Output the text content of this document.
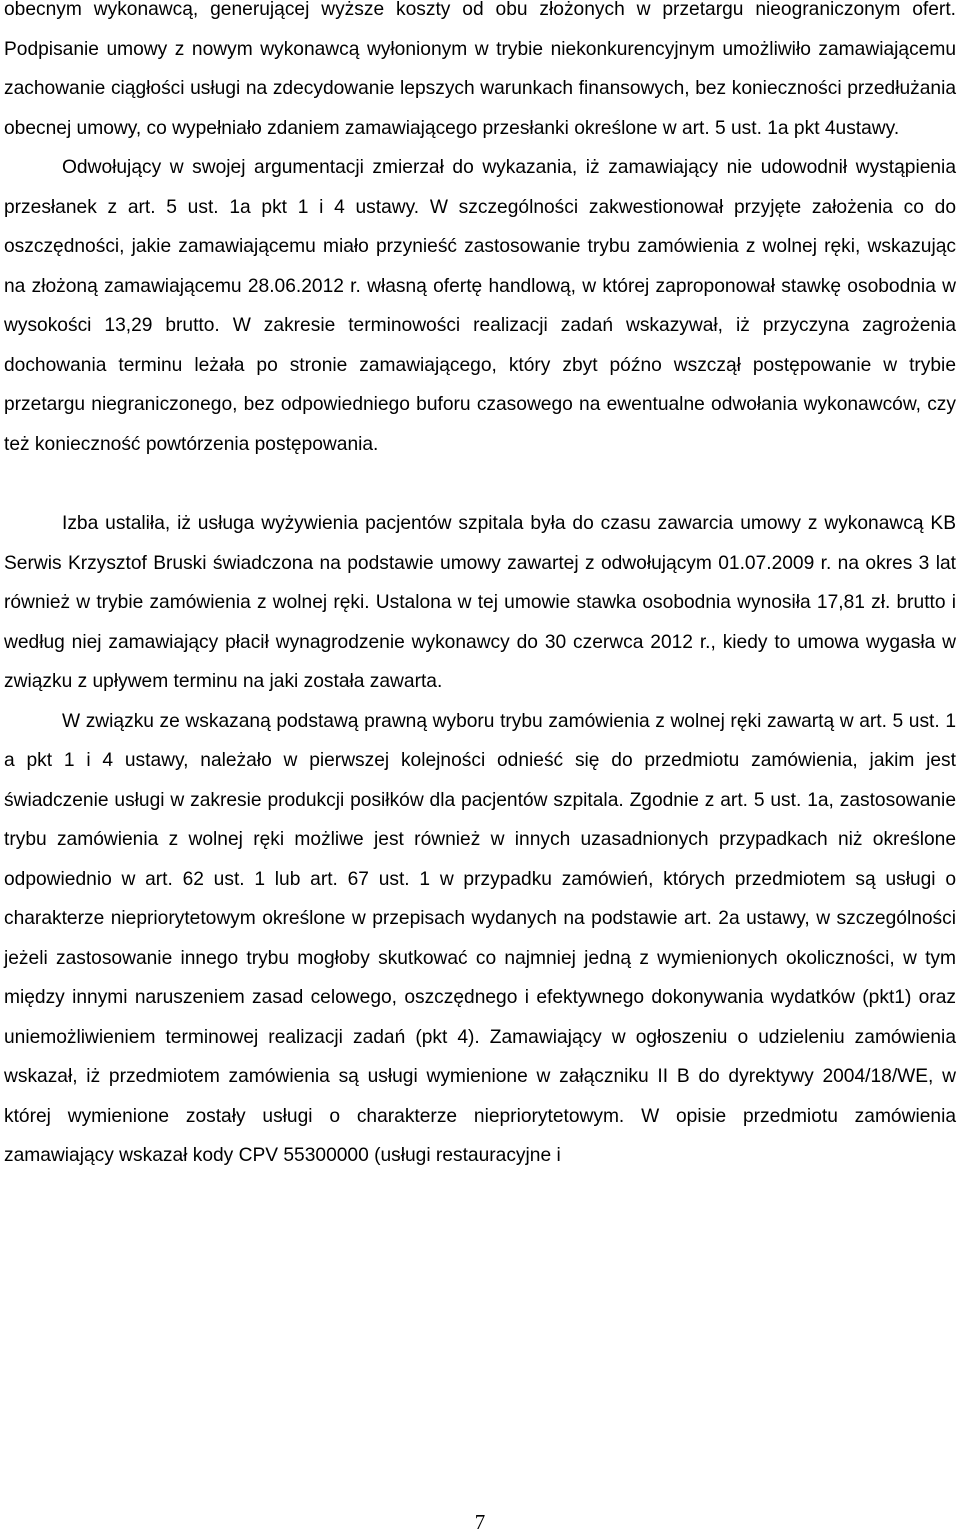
obecnym wykonawcą, generującej wyższe koszty od obu złożonych w przetargu nieograniczonym ofert. Podpisanie umowy z nowym wykonawcą wyłonionym w trybie niekonkurencyjnym umożliwiło zamawiającemu zachowanie ciągłości usługi na zdecydowanie lepszych warunkach finansowych, bez konieczności przedłużania obecnej umowy, co wypełniało zdaniem zamawiającego przesłanki określone w art. 5 ust. 1a pkt 4ustawy.

Odwołujący w swojej argumentacji zmierzał do wykazania, iż zamawiający nie udowodnił wystąpienia przesłanek z art. 5 ust. 1a pkt 1 i 4 ustawy. W szczególności zakwestionował przyjęte założenia co do oszczędności, jakie zamawiającemu miało przynieść zastosowanie trybu zamówienia z wolnej ręki, wskazując na złożoną zamawiającemu 28.06.2012 r. własną ofertę handlową, w której zaproponował stawkę osobodnia w wysokości 13,29 brutto. W zakresie terminowości realizacji zadań wskazywał, iż przyczyna zagrożenia dochowania terminu leżała po stronie zamawiającego, który zbyt późno wszczął postępowanie w trybie przetargu niegraniczonego, bez odpowiedniego buforu czasowego na ewentualne odwołania wykonawców, czy też konieczność powtórzenia postępowania.

Izba ustaliła, iż usługa wyżywienia pacjentów szpitala była do czasu zawarcia umowy z wykonawcą KB Serwis Krzysztof Bruski świadczona na podstawie umowy zawartej z odwołującym 01.07.2009 r. na okres 3 lat również w trybie zamówienia z wolnej ręki. Ustalona w tej umowie stawka osobodnia wynosiła 17,81 zł. brutto i według niej zamawiający płacił wynagrodzenie wykonawcy do 30 czerwca 2012 r., kiedy to umowa wygasła w związku z upływem terminu na jaki została zawarta.

W związku ze wskazaną podstawą prawną wyboru trybu zamówienia z wolnej ręki zawartą w art. 5 ust. 1 a pkt 1 i 4 ustawy, należało w pierwszej kolejności odnieść się do przedmiotu zamówienia, jakim jest świadczenie usługi w zakresie produkcji posiłków dla pacjentów szpitala. Zgodnie z art. 5 ust. 1a, zastosowanie trybu zamówienia z wolnej ręki możliwe jest również w innych uzasadnionych przypadkach niż określone odpowiednio w art. 62 ust. 1 lub art. 67 ust. 1 w przypadku zamówień, których przedmiotem są usługi o charakterze niepriorytetowym określone w przepisach wydanych na podstawie art. 2a ustawy, w szczególności jeżeli zastosowanie innego trybu mogłoby skutkować co najmniej jedną z wymienionych okoliczności, w tym między innymi naruszeniem zasad celowego, oszczędnego i efektywnego dokonywania wydatków (pkt1) oraz uniemożliwieniem terminowej realizacji zadań (pkt 4). Zamawiający w ogłoszeniu o udzieleniu zamówienia wskazał, iż przedmiotem zamówienia są usługi wymienione w załączniku II B do dyrektywy 2004/18/WE, w której wymienione zostały usługi o charakterze niepriorytetowym. W opisie przedmiotu zamówienia zamawiający wskazał kody CPV 55300000 (usługi restauracyjne i

7
